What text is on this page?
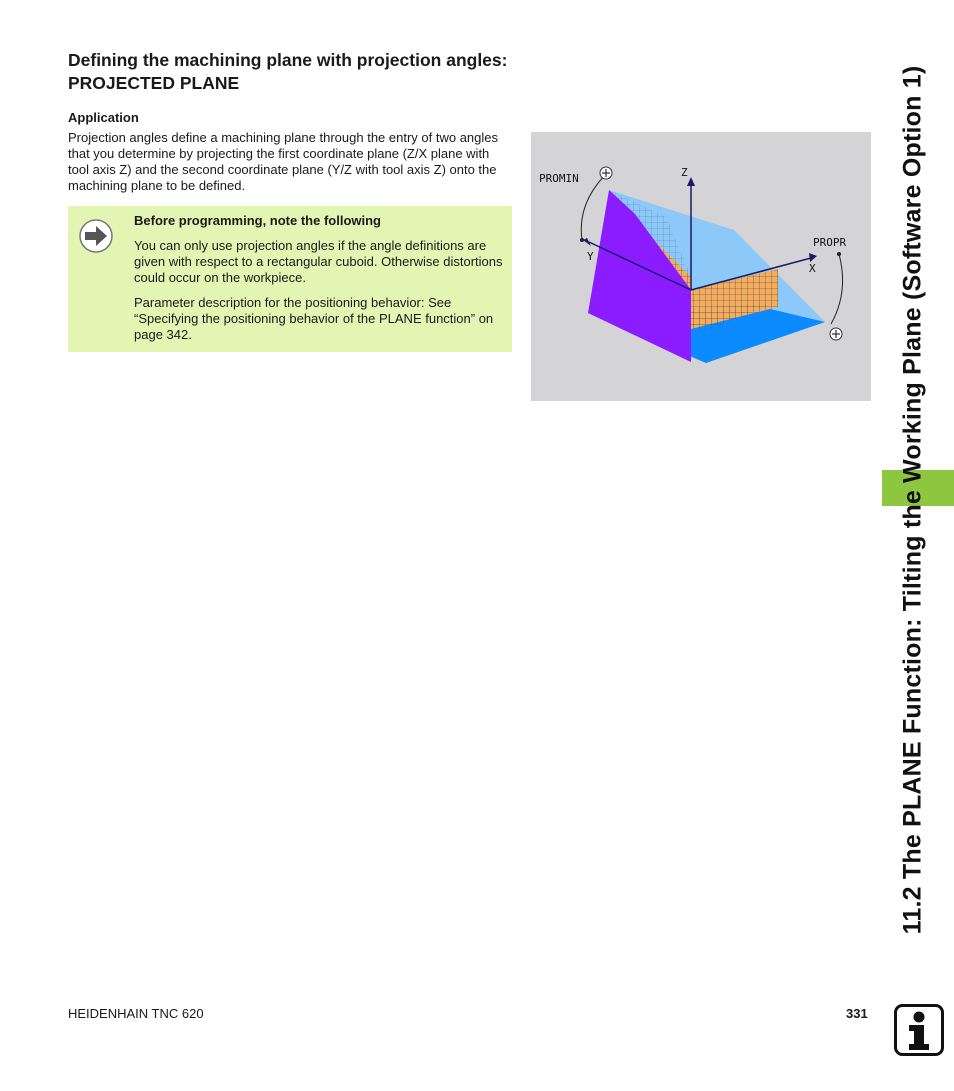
Defining the machining plane with projection angles: PROJECTED PLANE
Application

Projection angles define a machining plane through the entry of two angles that you determine by projecting the first coordinate plane (Z/X plane with tool axis Z) and the second coordinate plane (Y/Z with tool axis Z) onto the machining plane to be defined.

Before programming, note the following

You can only use projection angles if the angle definitions are given with respect to a rectangular cuboid. Otherwise distortions could occur on the workpiece.

Parameter description for the positioning behavior: See “Specifying the positioning behavior of the PLANE function” on page 342.

PROMIN
PROPR
Z
Y
X	11.2 The PLANE Function: Tilting the Working Plane (Software Option 1)

HEIDENHAIN TNC 620	331
